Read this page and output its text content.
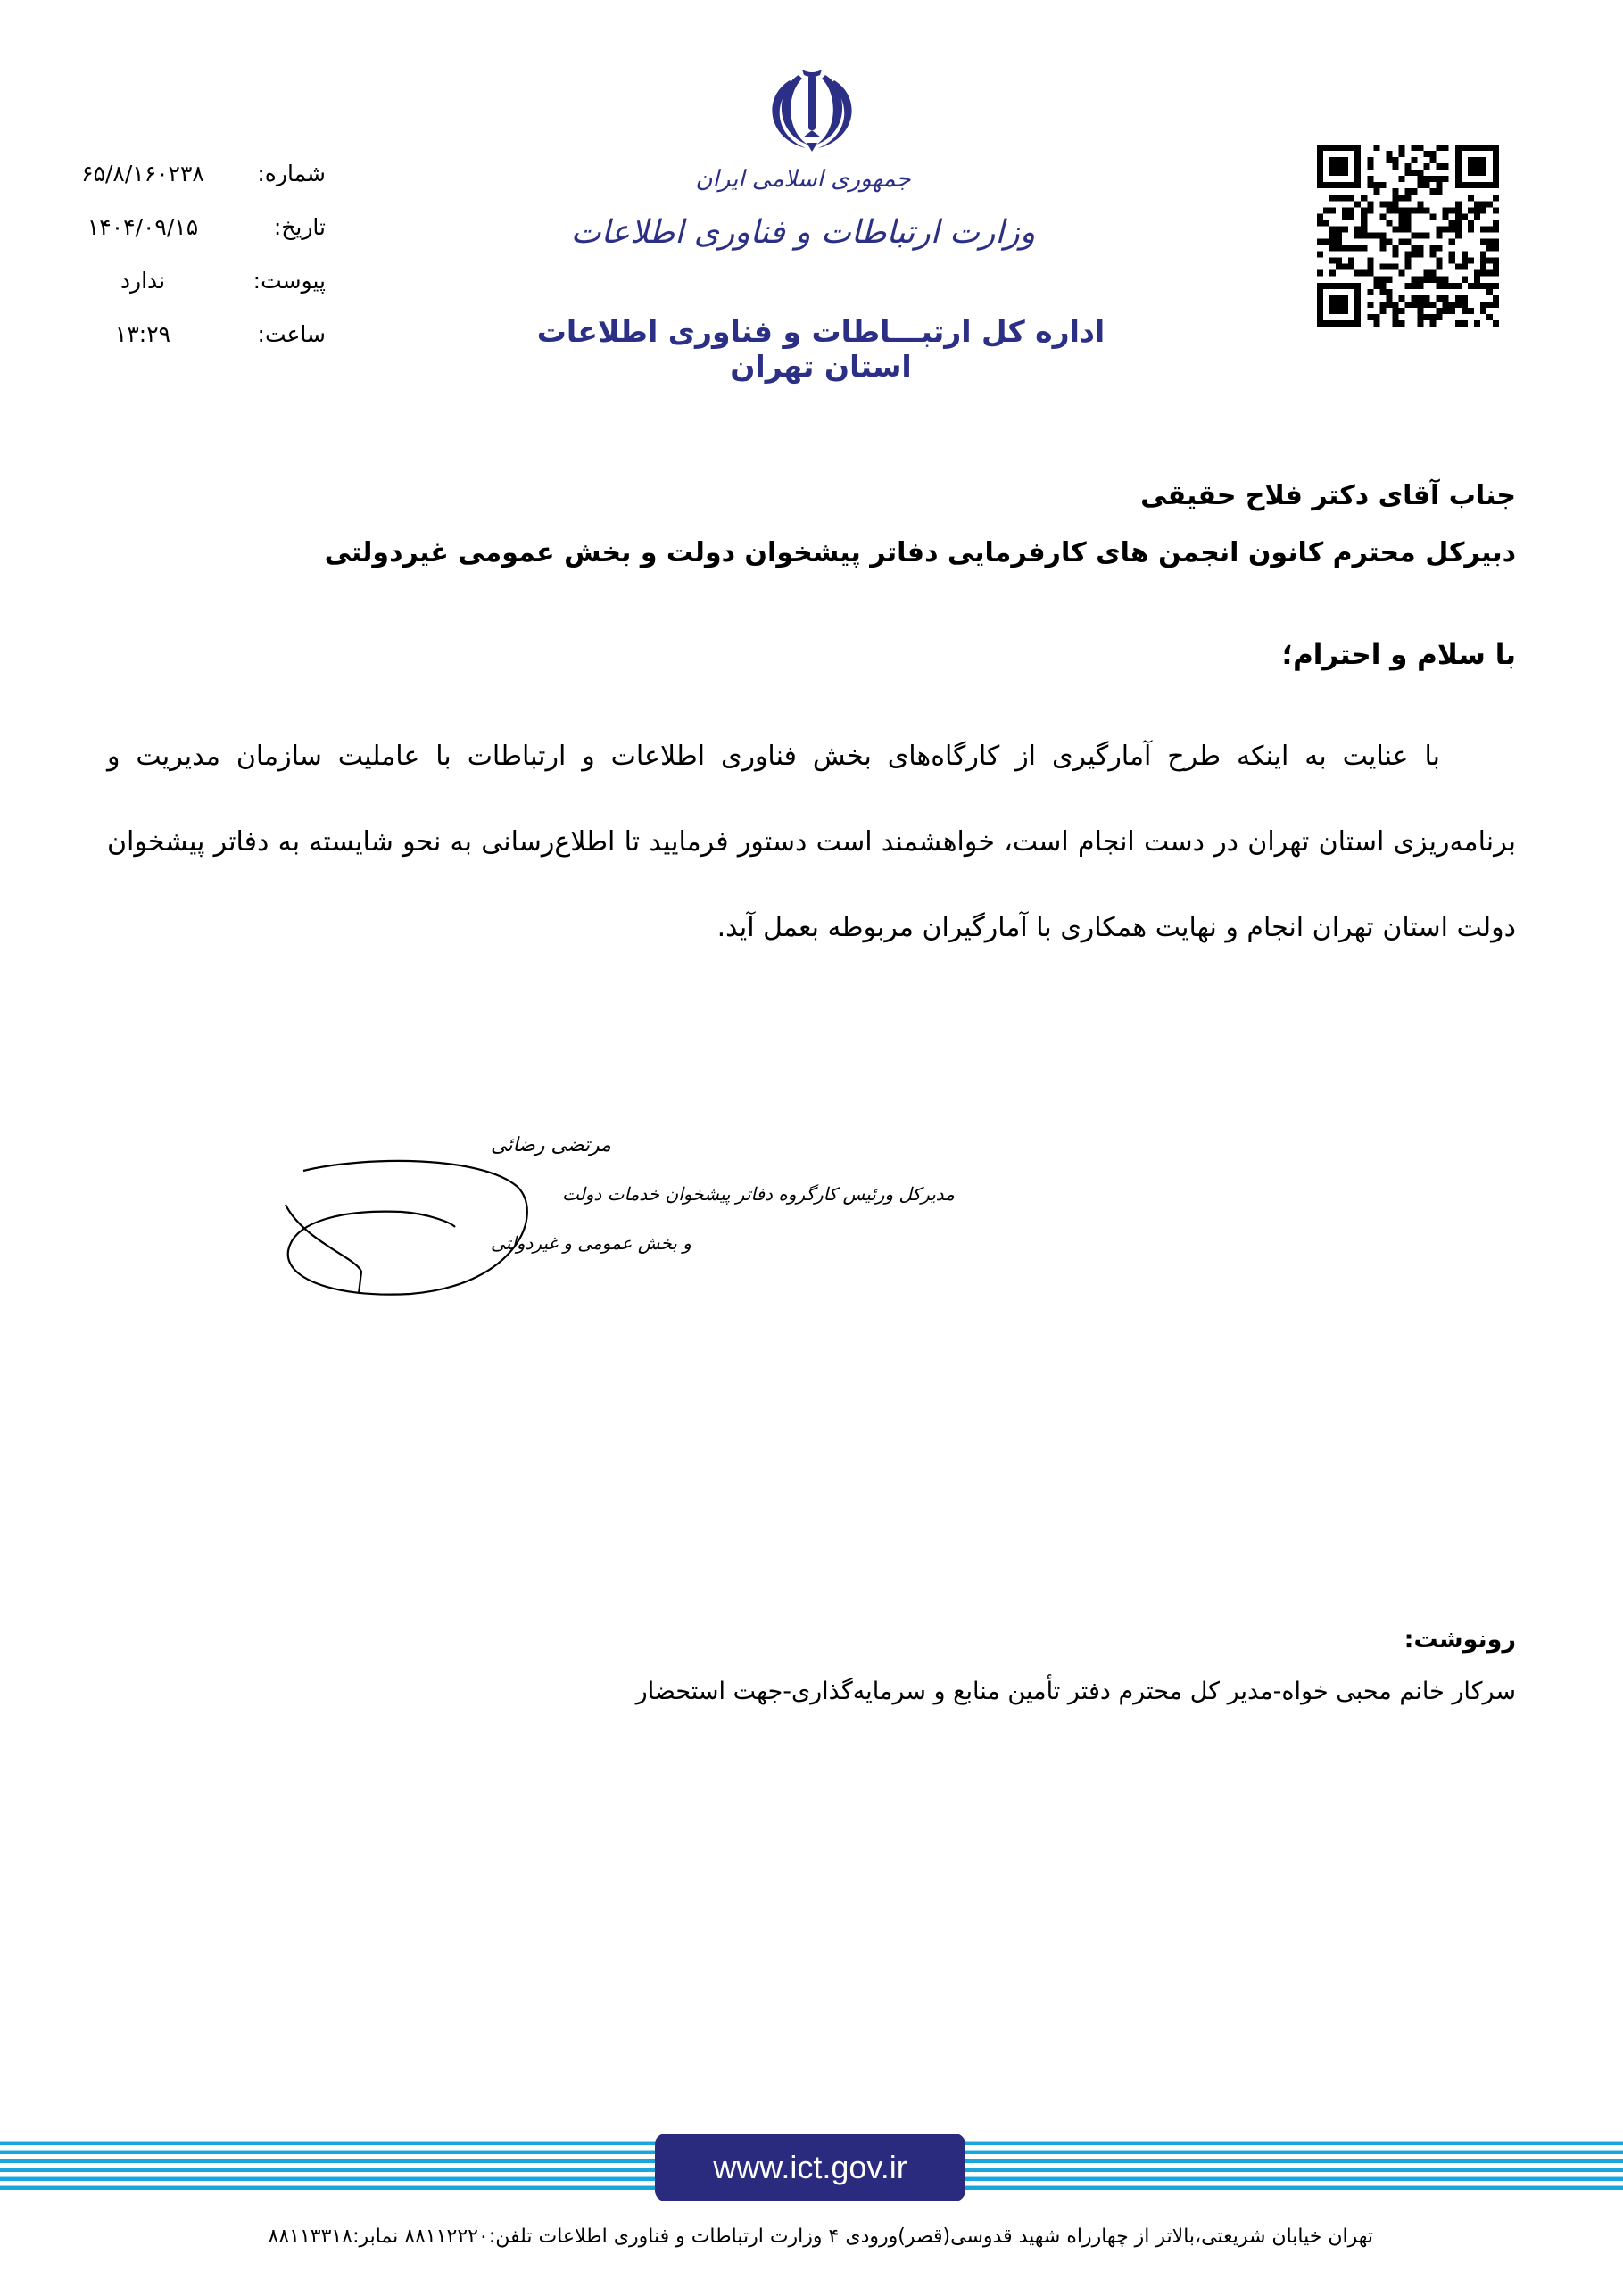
شماره:
۶۵/۸/۱۶۰۲۳۸
تاریخ:
۱۴۰۴/۰۹/۱۵
پیوست:
ندارد
ساعت:
۱۳:۲۹
جمهوری اسلامی ایران
وزارت ارتباطات و فناوری اطلاعات
اداره کل ارتبـــاطات و فناوری اطلاعات استان تهران
جناب آقای دکتر فلاح حقیقی
دبیرکل محترم کانون انجمن های کارفرمایی دفاتر پیشخوان دولت و بخش عمومی غیردولتی
با سلام و احترام؛
با عنایت به اینکه طرح آمارگیری از کارگاه‌های بخش فناوری اطلاعات و ارتباطات با عاملیت سازمان مدیریت و برنامه‌ریزی استان تهران در دست انجام است، خواهشمند است دستور فرمایید تا اطلاع‌رسانی به نحو شایسته به دفاتر پیشخوان دولت استان تهران انجام و نهایت همکاری با آمارگیران مربوطه بعمل آید.
مرتضی رضائی
مدیرکل ورئیس کارگروه دفاتر پیشخوان خدمات دولت
و بخش عمومی و غیردولتی
رونوشت:
سرکار خانم محبی خواه-مدیر کل محترم دفتر تأمین منابع و سرمایه‌گذاری-جهت استحضار
www.ict.gov.ir
تهران خیابان شریعتی،بالاتر از چهارراه شهید قدوسی(قصر)ورودی ۴ وزارت ارتباطات و فناوری اطلاعات تلفن:۸۸۱۱۲۲۲۰ نمابر:۸۸۱۱۳۳۱۸
